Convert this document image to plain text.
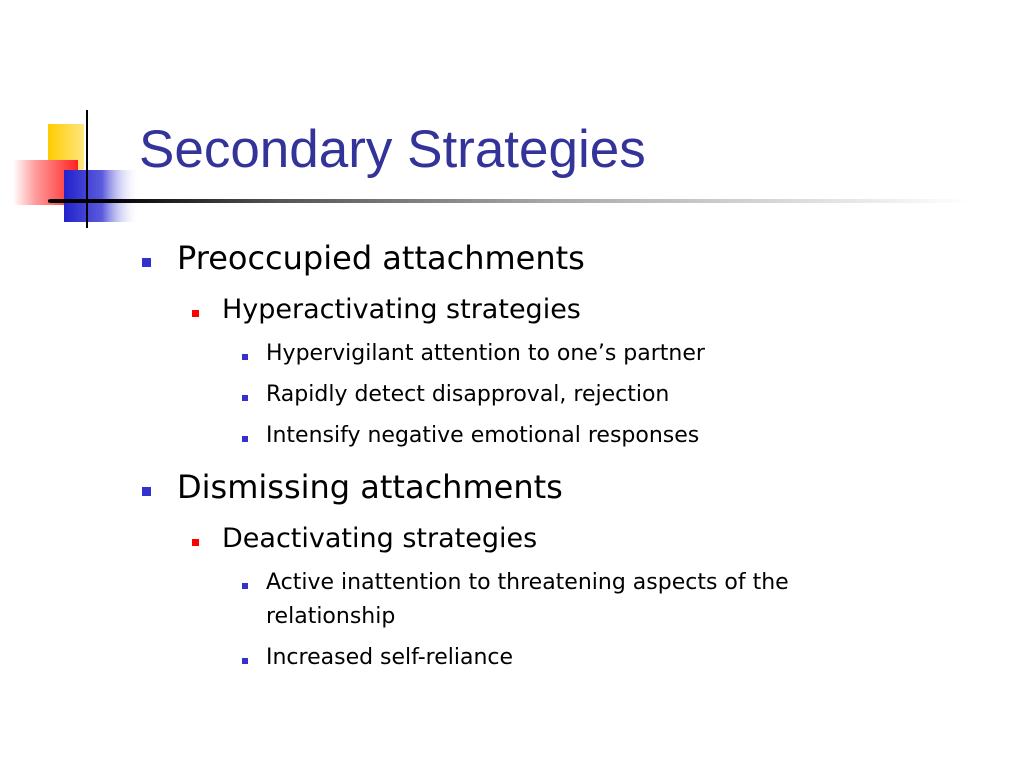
Secondary Strategies

Preoccupied attachments

Hyperactivating strategies

Hypervigilant attention to one’s partner

Rapidly detect disapproval, rejection

Intensify negative emotional responses

Dismissing attachments

Deactivating strategies

Active inattention to threatening aspects of the

relationship

Increased self-reliance
